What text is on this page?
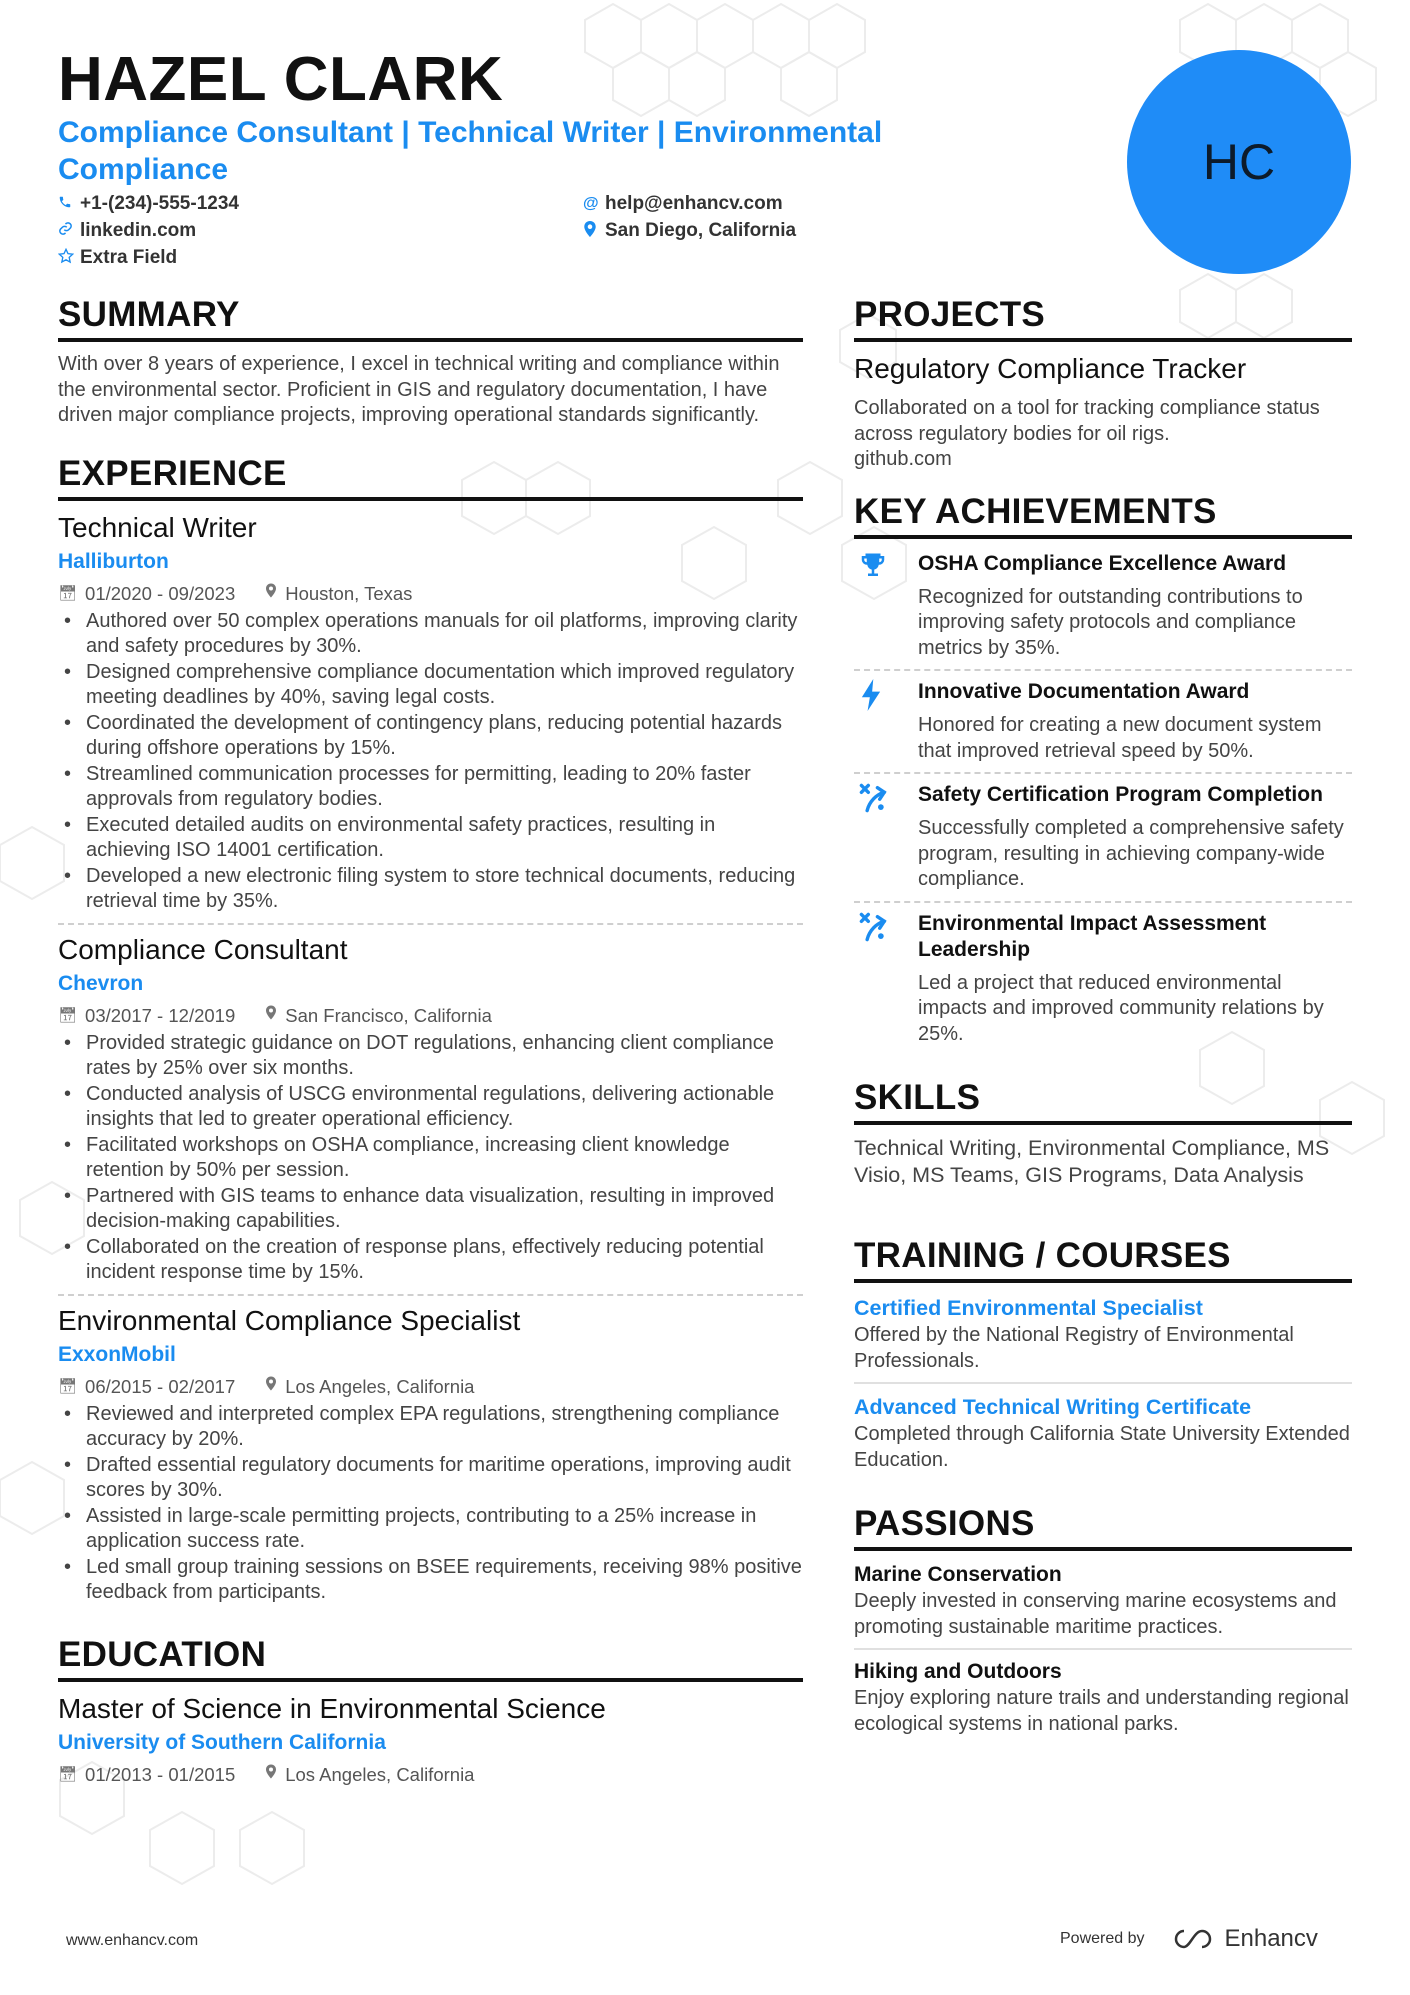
HAZEL CLARK
Compliance Consultant | Technical Writer | Environmental Compliance
+1-(234)-555-1234	@ help@enhancv.com
linkedin.com	San Diego, California
Extra Field
HC
SUMMARY
With over 8 years of experience, I excel in technical writing and compliance within the environmental sector. Proficient in GIS and regulatory documentation, I have driven major compliance projects, improving operational standards significantly.
EXPERIENCE
Technical Writer
Halliburton
📅︎ 01/2020 - 09/2023	Houston, Texas
• Authored over 50 complex operations manuals for oil platforms, improving clarity and safety procedures by 30%.
• Designed comprehensive compliance documentation which improved regulatory meeting deadlines by 40%, saving legal costs.
• Coordinated the development of contingency plans, reducing potential hazards during offshore operations by 15%.
• Streamlined communication processes for permitting, leading to 20% faster approvals from regulatory bodies.
• Executed detailed audits on environmental safety practices, resulting in achieving ISO 14001 certification.
• Developed a new electronic filing system to store technical documents, reducing retrieval time by 35%.
Compliance Consultant
Chevron
📅︎ 03/2017 - 12/2019	San Francisco, California
• Provided strategic guidance on DOT regulations, enhancing client compliance rates by 25% over six months.
• Conducted analysis of USCG environmental regulations, delivering actionable insights that led to greater operational efficiency.
• Facilitated workshops on OSHA compliance, increasing client knowledge retention by 50% per session.
• Partnered with GIS teams to enhance data visualization, resulting in improved decision-making capabilities.
• Collaborated on the creation of response plans, effectively reducing potential incident response time by 15%.
Environmental Compliance Specialist
ExxonMobil
📅︎ 06/2015 - 02/2017	Los Angeles, California
• Reviewed and interpreted complex EPA regulations, strengthening compliance accuracy by 20%.
• Drafted essential regulatory documents for maritime operations, improving audit scores by 30%.
• Assisted in large-scale permitting projects, contributing to a 25% increase in application success rate.
• Led small group training sessions on BSEE requirements, receiving 98% positive feedback from participants.
EDUCATION
Master of Science in Environmental Science
University of Southern California
📅︎ 01/2013 - 01/2015	Los Angeles, California
PROJECTS
Regulatory Compliance Tracker
Collaborated on a tool for tracking compliance status across regulatory bodies for oil rigs.
github.com
KEY ACHIEVEMENTS
OSHA Compliance Excellence Award
Recognized for outstanding contributions to improving safety protocols and compliance metrics by 35%.
Innovative Documentation Award
Honored for creating a new document system that improved retrieval speed by 50%.
Safety Certification Program Completion
Successfully completed a comprehensive safety program, resulting in achieving company-wide compliance.
Environmental Impact Assessment Leadership
Led a project that reduced environmental impacts and improved community relations by 25%.
SKILLS
Technical Writing, Environmental Compliance, MS Visio, MS Teams, GIS Programs, Data Analysis
TRAINING / COURSES
Certified Environmental Specialist
Offered by the National Registry of Environmental Professionals.
Advanced Technical Writing Certificate
Completed through California State University Extended Education.
PASSIONS
Marine Conservation
Deeply invested in conserving marine ecosystems and promoting sustainable maritime practices.
Hiking and Outdoors
Enjoy exploring nature trails and understanding regional ecological systems in national parks.
www.enhancv.com	Powered by	Enhancv
